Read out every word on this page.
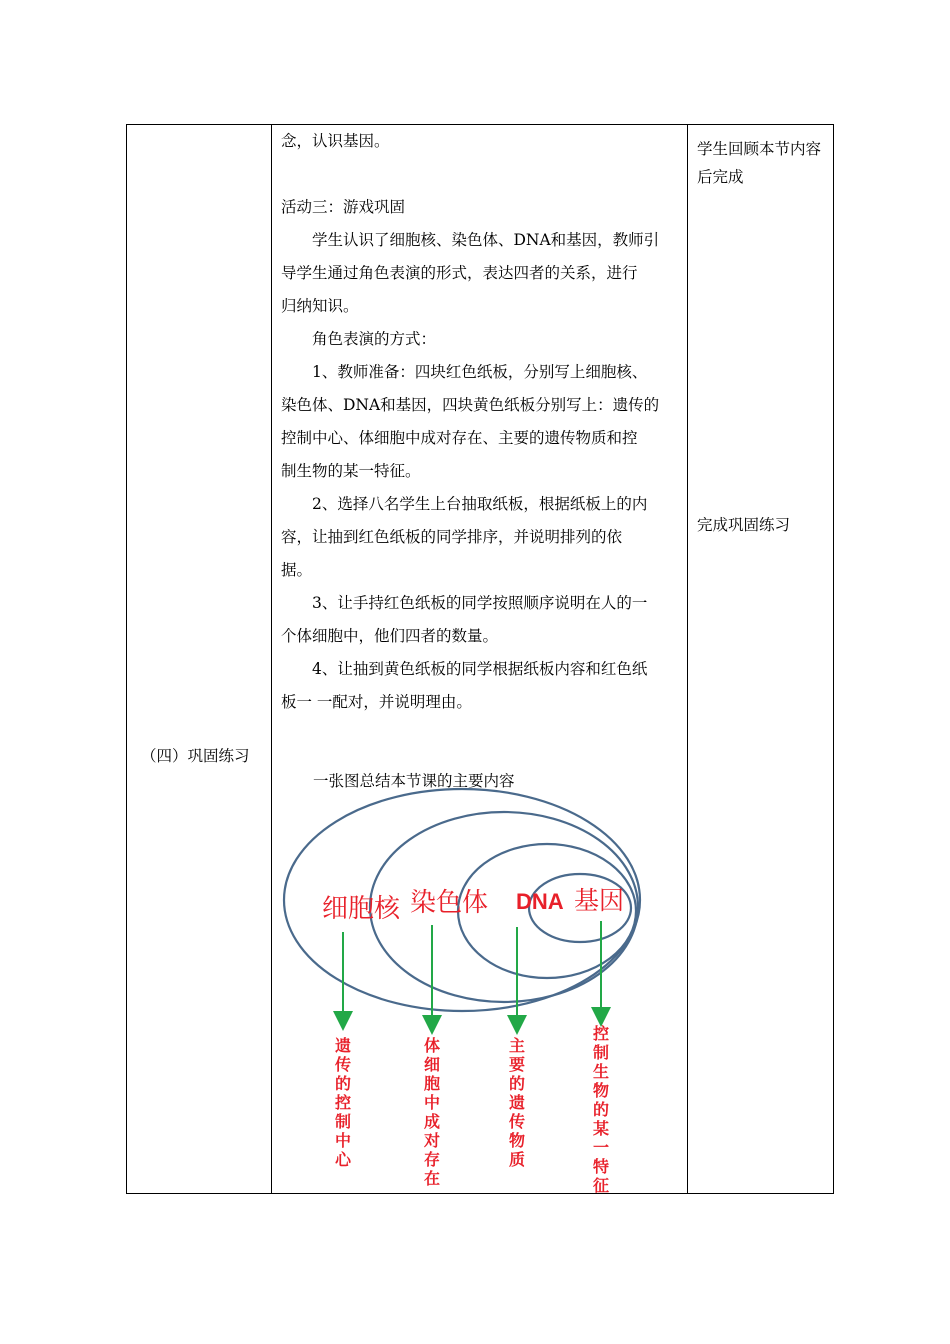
（四）巩固练习

念，认识基因。

活动三：游戏巩固

学生认识了细胞核、染色体、DNA和基因，教师引

导学生通过角色表演的形式，表达四者的关系，进行

归纳知识。

角色表演的方式：

1、教师准备：四块红色纸板，分别写上细胞核、

染色体、DNA和基因，四块黄色纸板分别写上：遗传的

控制中心、体细胞中成对存在、主要的遗传物质和控

制生物的某一特征。

2、选择八名学生上台抽取纸板，根据纸板上的内

容，让抽到红色纸板的同学排序，并说明排列的依

据。

3、让手持红色纸板的同学按照顺序说明在人的一

个体细胞中，他们四者的数量。

4、让抽到黄色纸板的同学根据纸板内容和红色纸

板一 一配对，并说明理由。

学生回顾本节内容后完成
完成巩固练习
一张图总结本节课的主要内容
细胞核 染色体 DNA 基因
遗传的控制中心
体细胞中成对存在
主要的遗传物质
控制生物的某一特征
